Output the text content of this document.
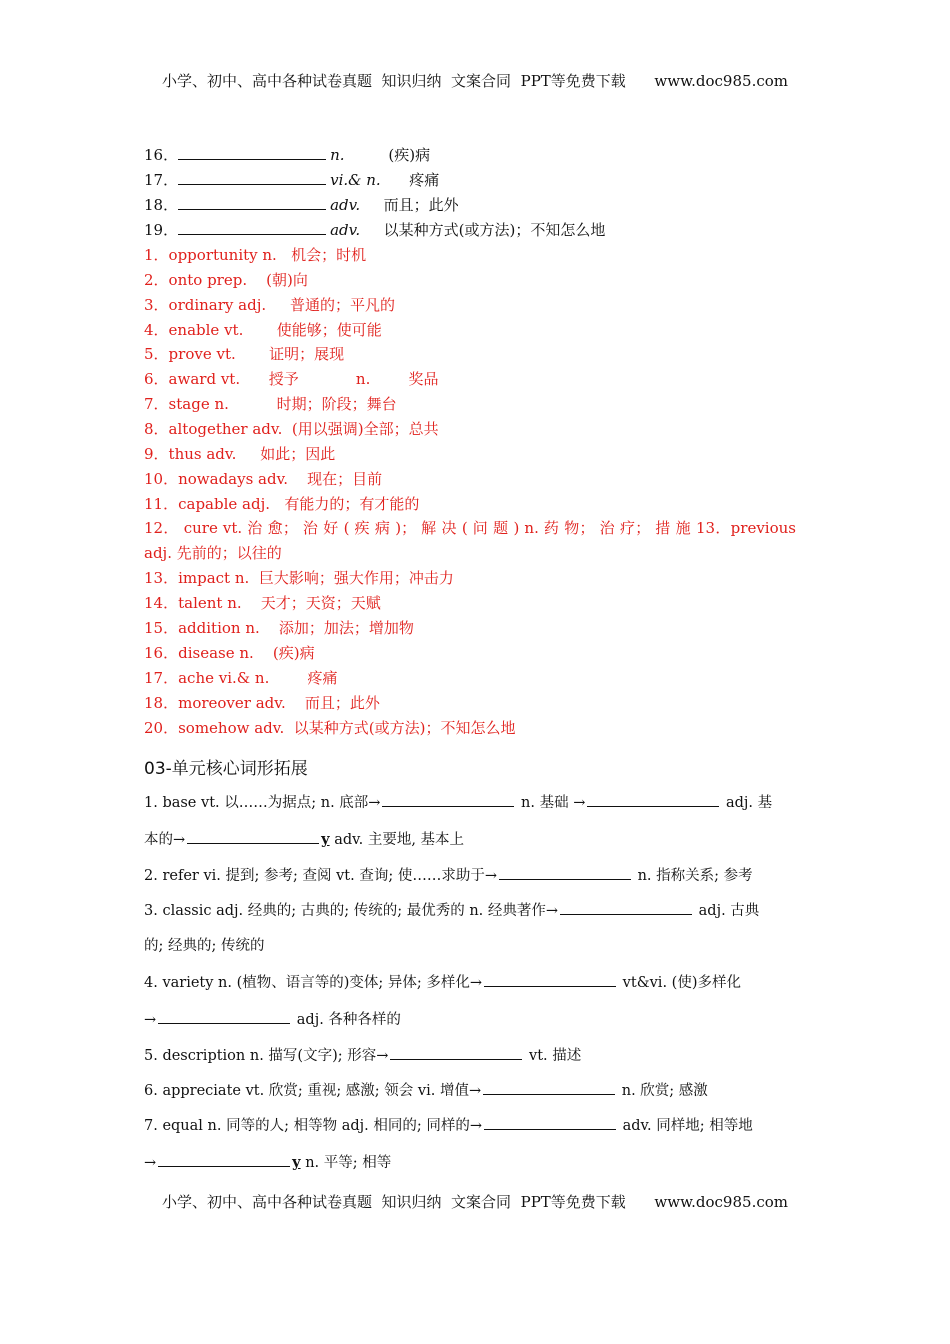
小学、初中、高中各种试卷真题  知识归纳  文案合同  PPT等免费下载      www.doc985.com
16．	n.	(疾)病
17．	vi.& n. 疼痛
18．	adv. 而且；此外
19．	adv. 以某种方式(或方法)；不知怎么地
1．opportunity n. 机会；时机
2．onto prep. (朝)向
3．ordinary adj. 普通的；平凡的
4．enable vt. 使能够；使可能
5．prove vt. 证明；展现
6．award vt. 授予            n.        奖品
7．stage n.	时期；阶段；舞台
8．altogether adv. (用以强调)全部；总共
9．thus adv. 如此；因此
10．nowadays adv. 现在；目前
11．capable adj. 有能力的；有才能的
12． cure vt. 治 愈； 治 好 ( 疾 病 )； 解 决 ( 问 题 ) n. 药 物； 治 疗； 措 施 13．previous adj. 先前的；以往的
13．impact n. 巨大影响；强大作用；冲击力
14．talent n. 天才；天资；天赋
15．addition n. 添加；加法；增加物
16．disease n. (疾)病
17．ache vi.& n.	疼痛
18．moreover adv. 而且；此外
20．somehow adv. 以某种方式(或方法)；不知怎么地
03-单元核心词形拓展
1. base vt. 以……为据点; n. 底部→	n. 基础 →	adj. 基
本的→	y adv. 主要地, 基本上
2. refer vi. 提到; 参考; 查阅 vt. 查询; 使……求助于→	n. 指称关系; 参考
3. classic adj. 经典的; 古典的; 传统的; 最优秀的 n. 经典著作→	adj. 古典
的; 经典的; 传统的
4. variety n. (植物、语言等的)变体; 异体; 多样化→	vt&vi. (使)多样化
→	adj. 各种各样的
5. description n. 描写(文字); 形容→	vt. 描述
6. appreciate vt. 欣赏; 重视; 感激; 领会 vi. 增值→	n. 欣赏; 感激
7. equal n. 同等的人; 相等物 adj. 相同的; 同样的→	adv. 同样地; 相等地
→	y n. 平等; 相等
小学、初中、高中各种试卷真题  知识归纳  文案合同  PPT等免费下载      www.doc985.com
